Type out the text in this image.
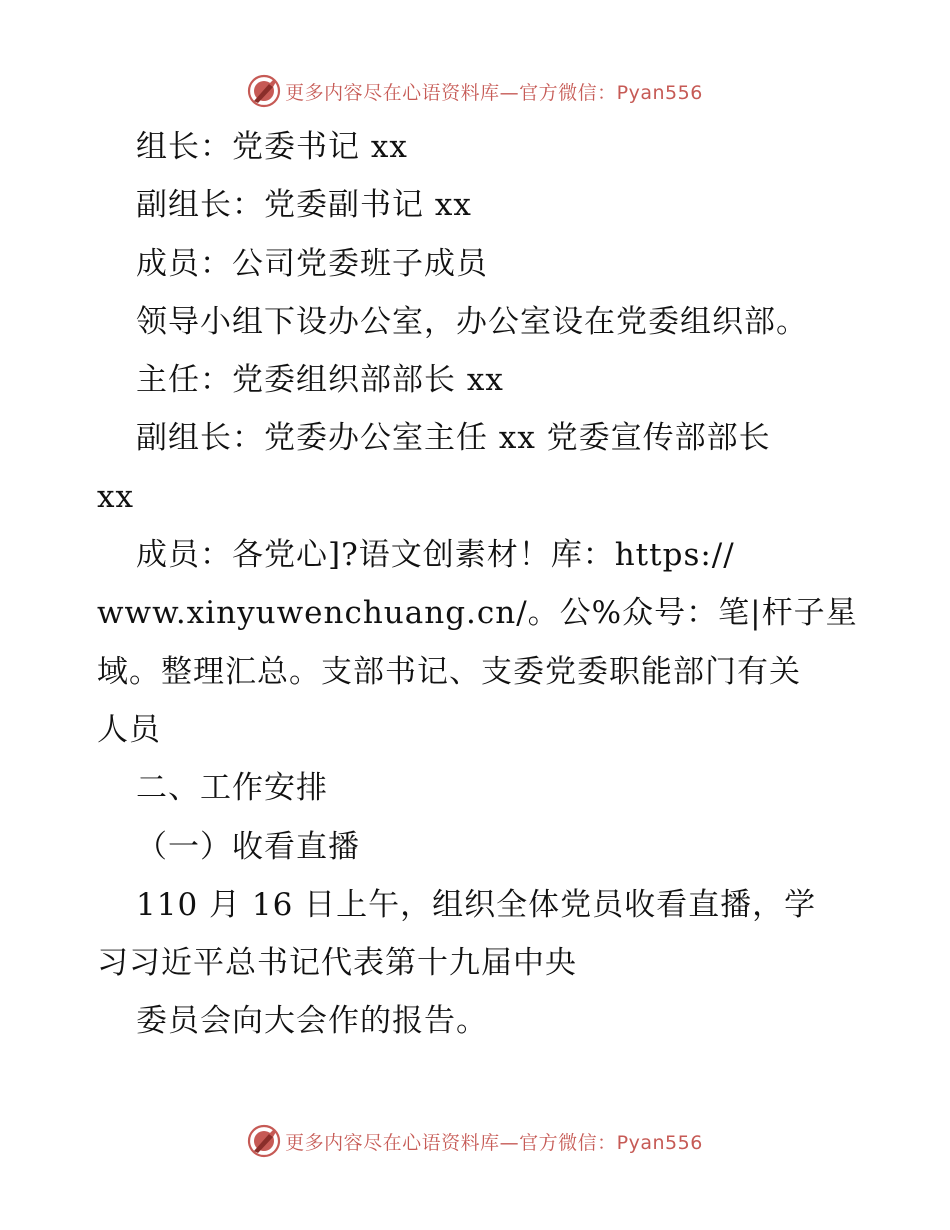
更多内容尽在心语资料库—官方微信：Pyan556
组长：党委书记 xx
副组长：党委副书记 xx
成员：公司党委班子成员
领导小组下设办公室，办公室设在党委组织部。
主任：党委组织部部长 xx
副组长：党委办公室主任 xx 党委宣传部部长
xx
成员：各党心]?语文创素材！库：https://
www.xinyuwenchuang.cn/。公%众号：笔|杆子星
域。整理汇总。支部书记、支委党委职能部门有关
人员
二、工作安排
（一）收看直播
110 月 16 日上午，组织全体党员收看直播，学
习习近平总书记代表第十九届中央
委员会向大会作的报告。
更多内容尽在心语资料库—官方微信：Pyan556
